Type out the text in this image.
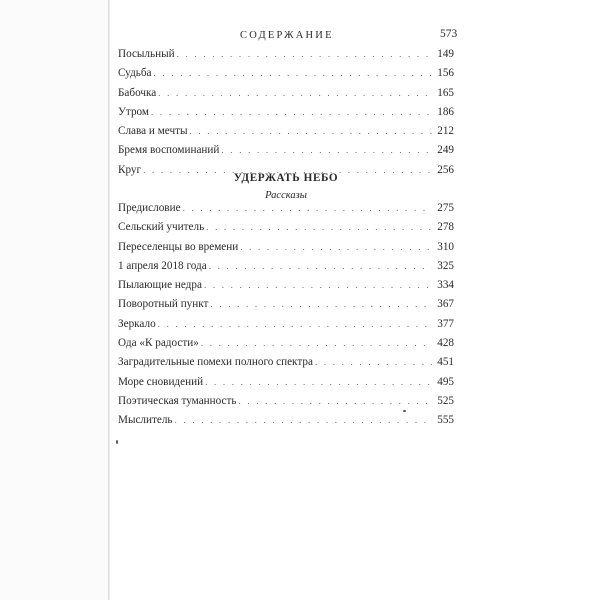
СОДЕРЖАНИЕ	573
Посыльный . . .	149
Судьба . . .	156
Бабочка . . .	165
Утром . . .	186
Слава и мечты . . .	212
Бремя воспоминаний . . .	249
Круг . . .	256
УДЕРЖАТЬ НЕБО
Рассказы
Предисловие . . .	275
Сельский учитель . . .	278
Переселенцы во времени . . .	310
1 апреля 2018 года . . .	325
Пылающие недра . . .	334
Поворотный пункт . . .	367
Зеркало . . .	377
Ода «К радости» . . .	428
Заградительные помехи полного спектра . . .	451
Море сновидений . . .	495
Поэтическая туманность . . .	525
Мыслитель . . .	555
